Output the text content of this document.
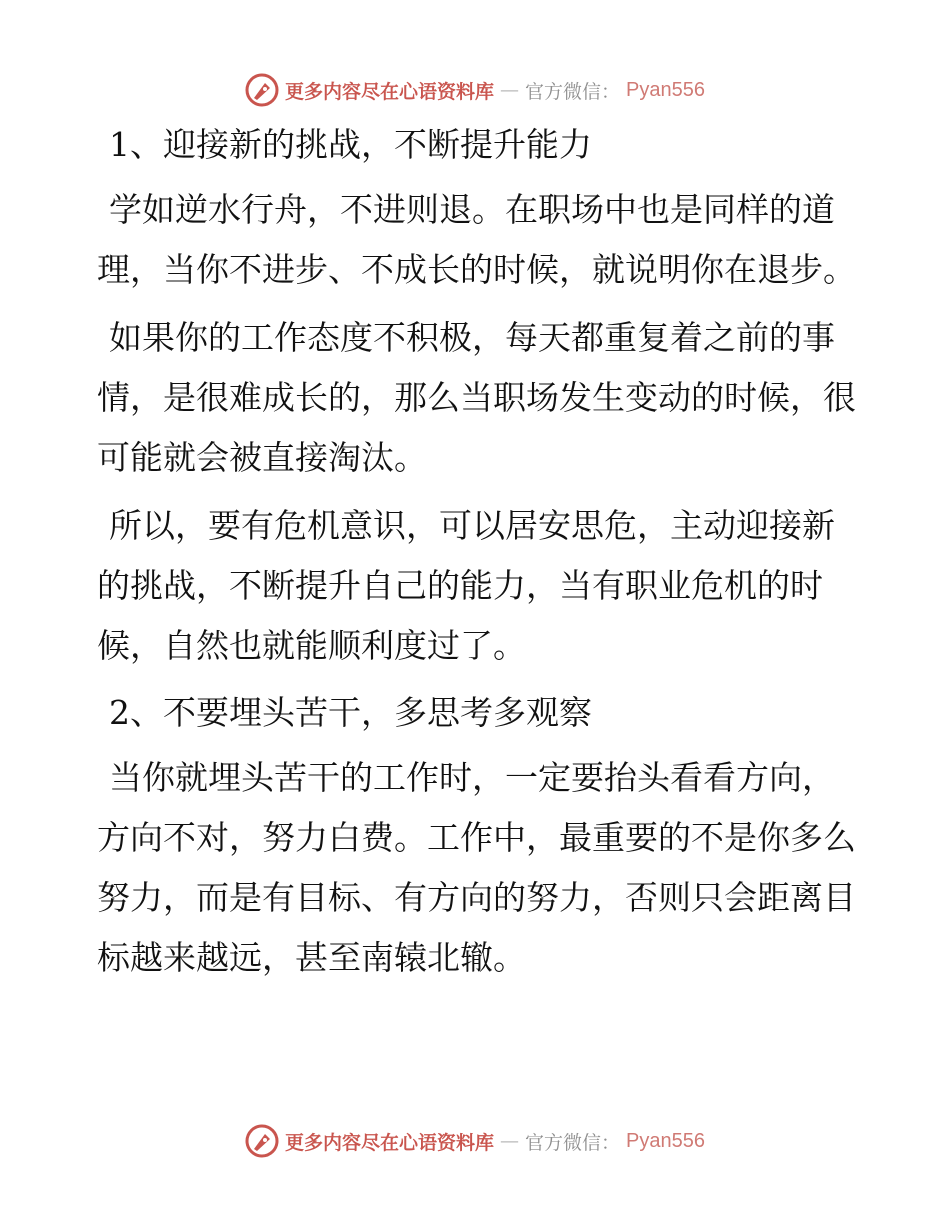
更多内容尽在心语资料库 — 官方微信： Pyan556
1、迎接新的挑战，不断提升能力

学如逆水行舟，不进则退。在职场中也是同样的道理，当你不进步、不成长的时候，就说明你在退步。

如果你的工作态度不积极，每天都重复着之前的事情，是很难成长的，那么当职场发生变动的时候，很可能就会被直接淘汰。

所以，要有危机意识，可以居安思危，主动迎接新的挑战，不断提升自己的能力，当有职业危机的时候，自然也就能顺利度过了。

2、不要埋头苦干，多思考多观察

当你就埋头苦干的工作时，一定要抬头看看方向，方向不对，努力白费。工作中，最重要的不是你多么努力，而是有目标、有方向的努力，否则只会距离目标越来越远，甚至南辕北辙。

更多内容尽在心语资料库 — 官方微信： Pyan556
